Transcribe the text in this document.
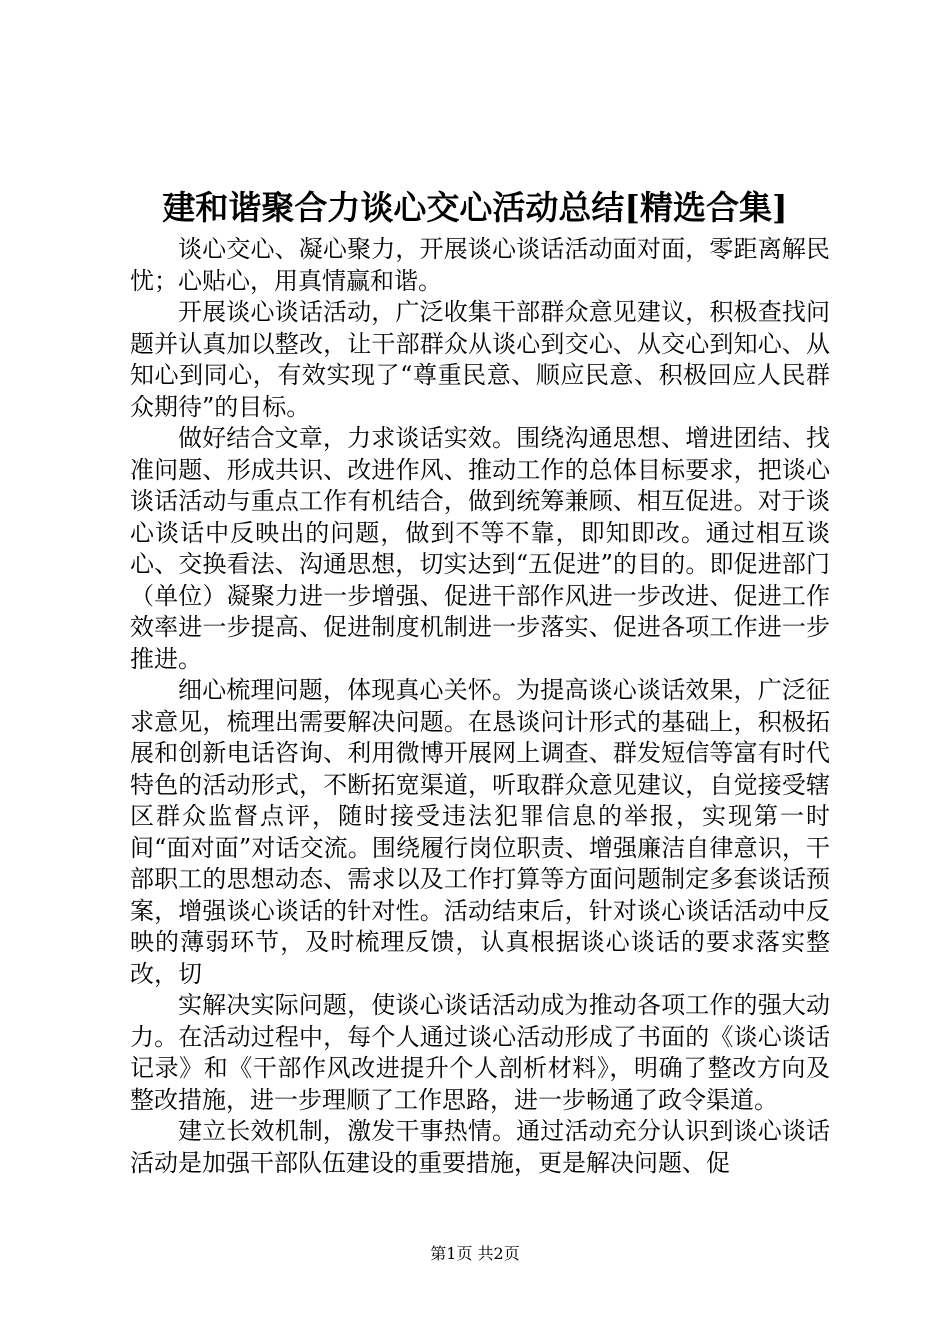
建和谐聚合力谈心交心活动总结[精选合集]

谈心交心、凝心聚力，开展谈心谈话活动面对面，零距离解民忧；心贴心，用真情赢和谐。

开展谈心谈话活动，广泛收集干部群众意见建议，积极查找问题并认真加以整改，让干部群众从谈心到交心、从交心到知心、从知心到同心，有效实现了“尊重民意、顺应民意、积极回应人民群众期待”的目标。

做好结合文章，力求谈话实效。围绕沟通思想、增进团结、找准问题、形成共识、改进作风、推动工作的总体目标要求，把谈心谈话活动与重点工作有机结合，做到统筹兼顾、相互促进。对于谈心谈话中反映出的问题，做到不等不靠，即知即改。通过相互谈心、交换看法、沟通思想，切实达到“五促进”的目的。即促进部门（单位）凝聚力进一步增强、促进干部作风进一步改进、促进工作效率进一步提高、促进制度机制进一步落实、促进各项工作进一步推进。

细心梳理问题，体现真心关怀。为提高谈心谈话效果，广泛征求意见，梳理出需要解决问题。在恳谈问计形式的基础上，积极拓展和创新电话咨询、利用微博开展网上调查、群发短信等富有时代特色的活动形式，不断拓宽渠道，听取群众意见建议，自觉接受辖区群众监督点评，随时接受违法犯罪信息的举报，实现第一时间“面对面”对话交流。围绕履行岗位职责、增强廉洁自律意识，干部职工的思想动态、需求以及工作打算等方面问题制定多套谈话预案，增强谈心谈话的针对性。活动结束后，针对谈心谈话活动中反映的薄弱环节，及时梳理反馈，认真根据谈心谈话的要求落实整改，切

实解决实际问题，使谈心谈话活动成为推动各项工作的强大动力。在活动过程中，每个人通过谈心活动形成了书面的《谈心谈话记录》和《干部作风改进提升个人剖析材料》，明确了整改方向及整改措施，进一步理顺了工作思路，进一步畅通了政令渠道。

建立长效机制，激发干事热情。通过活动充分认识到谈心谈话活动是加强干部队伍建设的重要措施，更是解决问题、促

第1页 共2页
